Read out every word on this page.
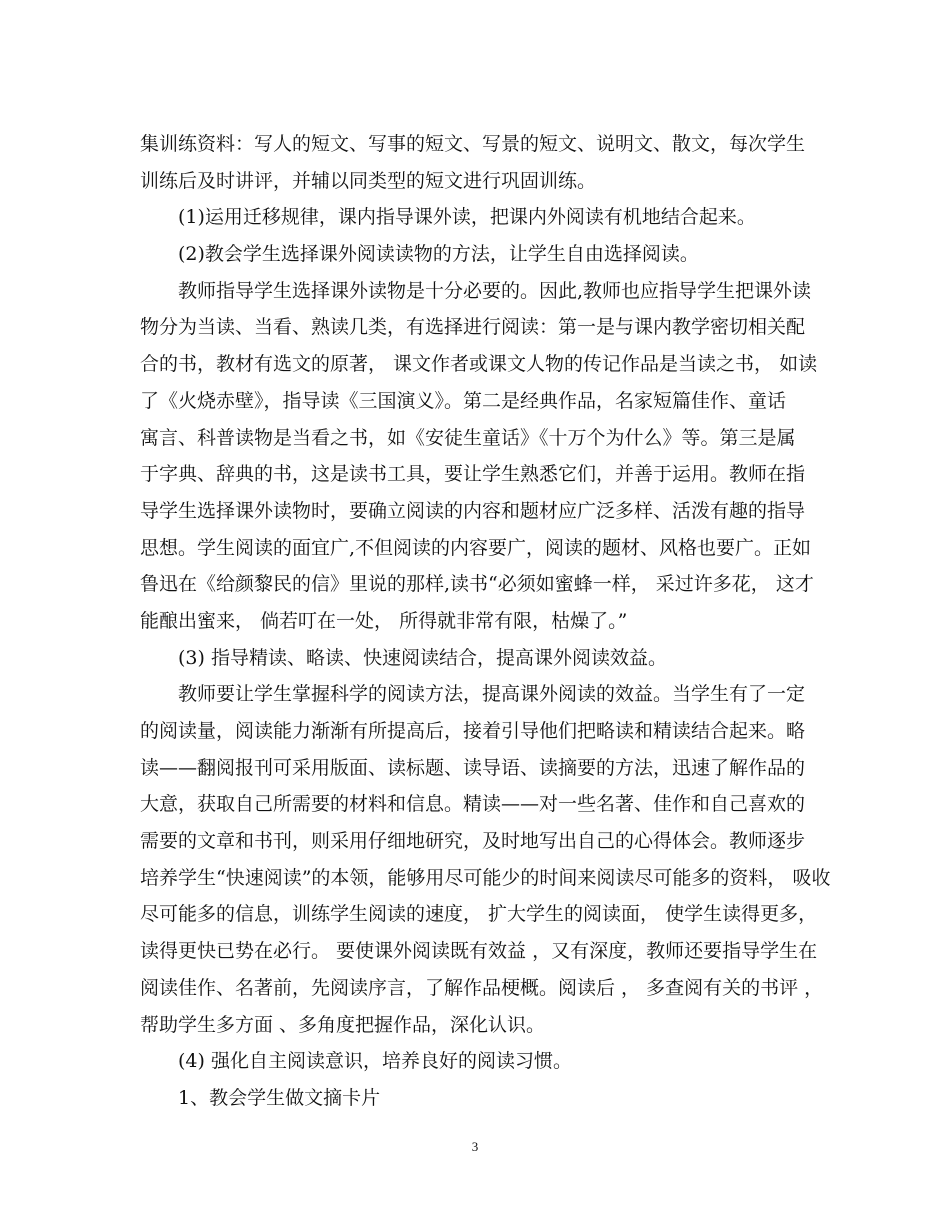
集训练资料：写人的短文、写事的短文、写景的短文、说明文、散文，每次学生
训练后及时讲评，并辅以同类型的短文进行巩固训练。
(1)运用迁移规律，课内指导课外读，把课内外阅读有机地结合起来。
(2)教会学生选择课外阅读读物的方法，让学生自由选择阅读。
教师指导学生选择课外读物是十分必要的。因此,教师也应指导学生把课外读
物分为当读、当看、熟读几类，有选择进行阅读：第一是与课内教学密切相关配
合的书，教材有选文的原著， 课文作者或课文人物的传记作品是当读之书， 如读
了《火烧赤壁》，指导读《三国演义》。第二是经典作品，名家短篇佳作、童话
寓言、科普读物是当看之书，如《安徒生童话》《十万个为什么》等。第三是属
于字典、辞典的书，这是读书工具，要让学生熟悉它们，并善于运用。教师在指
导学生选择课外读物时，要确立阅读的内容和题材应广泛多样、活泼有趣的指导
思想。学生阅读的面宜广,不但阅读的内容要广，阅读的题材、风格也要广。正如
鲁迅在《给颜黎民的信》里说的那样,读书“必须如蜜蜂一样， 采过许多花， 这才
能酿出蜜来， 倘若叮在一处， 所得就非常有限，枯燥了。”
(3) 指导精读、略读、快速阅读结合，提高课外阅读效益。
教师要让学生掌握科学的阅读方法，提高课外阅读的效益。当学生有了一定
的阅读量，阅读能力渐渐有所提高后，接着引导他们把略读和精读结合起来。略
读——翻阅报刊可采用版面、读标题、读导语、读摘要的方法，迅速了解作品的
大意，获取自己所需要的材料和信息。精读——对一些名著、佳作和自己喜欢的
需要的文章和书刊，则采用仔细地研究，及时地写出自己的心得体会。教师逐步
培养学生“快速阅读”的本领，能够用尽可能少的时间来阅读尽可能多的资料， 吸收
尽可能多的信息，训练学生阅读的速度， 扩大学生的阅读面， 使学生读得更多，
读得更快已势在必行。 要使课外阅读既有效益 ，又有深度，教师还要指导学生在
阅读佳作、名著前，先阅读序言，了解作品梗概。阅读后 ， 多查阅有关的书评 ，
帮助学生多方面 、多角度把握作品，深化认识。
(4) 强化自主阅读意识，培养良好的阅读习惯。
1、教会学生做文摘卡片
3
